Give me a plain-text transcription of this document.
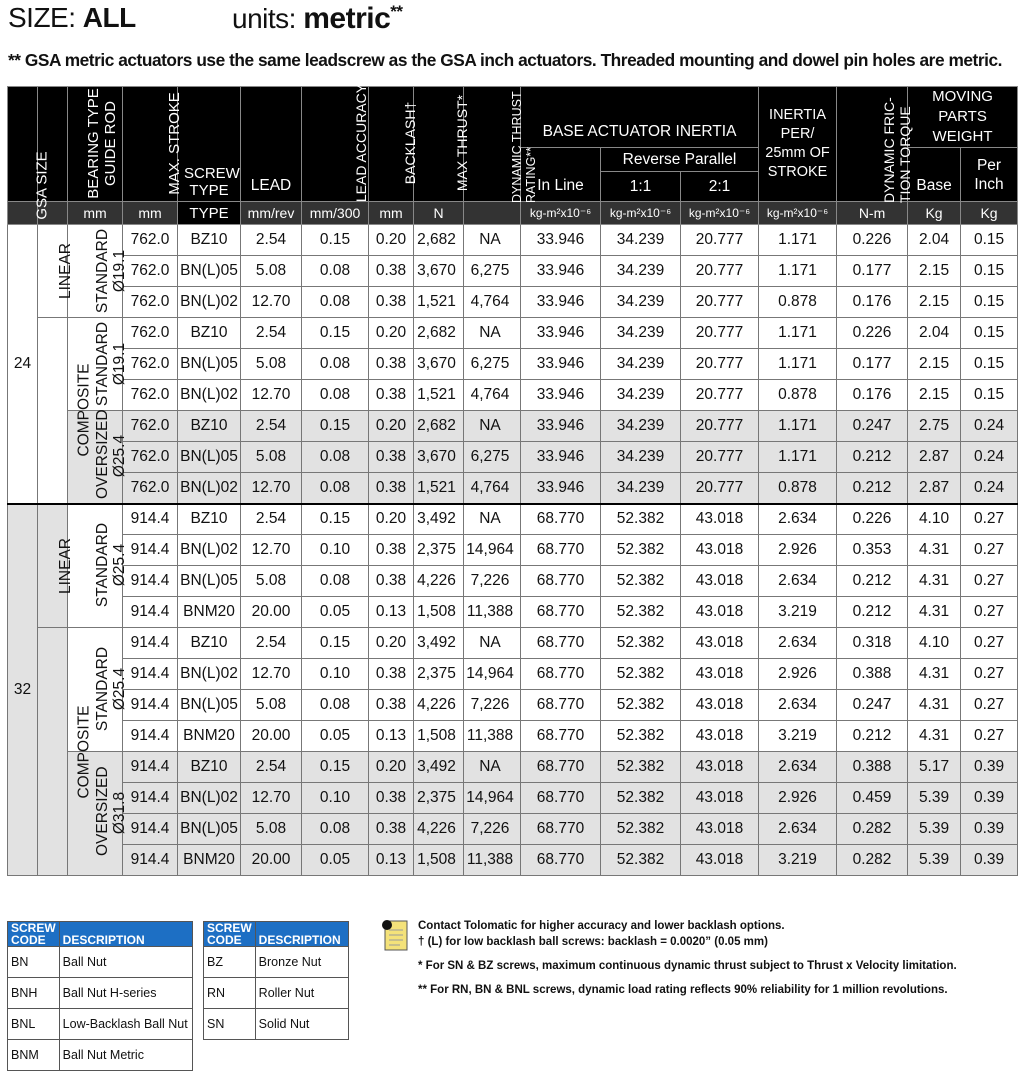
SIZE: ALL	units: metric**
** GSA metric actuators use the same leadscrew as the GSA inch actuators. Threaded mounting and dowel pin holes are metric.
GSA SIZE	BEARING TYPE	GUIDE ROD	MAX. STROKE	SCREW TYPE	LEAD	LEAD ACCURACY	BACKLASH†	MAX THRUST*	DYNAMIC THRUST RATING**	BASE ACTUATOR INERTIA			INERTIA PER/ 25mm OF STROKE	DYNAMIC FRIC-TION TORQUE	MOVING PARTS WEIGHT	
										In Line	Reverse Parallel				Base	Per Inch
											1:1	2:1				
		mm	mm	TYPE	mm/rev	mm/300	mm	N		kg-m²x10⁻⁶	kg-m²x10⁻⁶	kg-m²x10⁻⁶	kg-m²x10⁻⁶	N-m	Kg	Kg
24	LINEAR	STANDARD Ø19.1	762.0	BZ10	2.54	0.15	0.20	2,682	NA	33.946	34.239	20.777	1.171	0.226	2.04	0.15
			762.0	BN(L)05	5.08	0.08	0.38	3,670	6,275	33.946	34.239	20.777	1.171	0.177	2.15	0.15
			762.0	BN(L)02	12.70	0.08	0.38	1,521	4,764	33.946	34.239	20.777	0.878	0.176	2.15	0.15
	COMPOSITE	STANDARD Ø19.1	762.0	BZ10	2.54	0.15	0.20	2,682	NA	33.946	34.239	20.777	1.171	0.226	2.04	0.15
			762.0	BN(L)05	5.08	0.08	0.38	3,670	6,275	33.946	34.239	20.777	1.171	0.177	2.15	0.15
			762.0	BN(L)02	12.70	0.08	0.38	1,521	4,764	33.946	34.239	20.777	0.878	0.176	2.15	0.15
		OVERSIZED Ø25.4	762.0	BZ10	2.54	0.15	0.20	2,682	NA	33.946	34.239	20.777	1.171	0.247	2.75	0.24
			762.0	BN(L)05	5.08	0.08	0.38	3,670	6,275	33.946	34.239	20.777	1.171	0.212	2.87	0.24
			762.0	BN(L)02	12.70	0.08	0.38	1,521	4,764	33.946	34.239	20.777	0.878	0.212	2.87	0.24
32	LINEAR	STANDARD Ø25.4	914.4	BZ10	2.54	0.15	0.20	3,492	NA	68.770	52.382	43.018	2.634	0.226	4.10	0.27
			914.4	BN(L)02	12.70	0.10	0.38	2,375	14,964	68.770	52.382	43.018	2.926	0.353	4.31	0.27
			914.4	BN(L)05	5.08	0.08	0.38	4,226	7,226	68.770	52.382	43.018	2.634	0.212	4.31	0.27
			914.4	BNM20	20.00	0.05	0.13	1,508	11,388	68.770	52.382	43.018	3.219	0.212	4.31	0.27
	COMPOSITE	STANDARD Ø25.4	914.4	BZ10	2.54	0.15	0.20	3,492	NA	68.770	52.382	43.018	2.634	0.318	4.10	0.27
			914.4	BN(L)02	12.70	0.10	0.38	2,375	14,964	68.770	52.382	43.018	2.926	0.388	4.31	0.27
			914.4	BN(L)05	5.08	0.08	0.38	4,226	7,226	68.770	52.382	43.018	2.634	0.247	4.31	0.27
			914.4	BNM20	20.00	0.05	0.13	1,508	11,388	68.770	52.382	43.018	3.219	0.212	4.31	0.27
		OVERSIZED Ø31.8	914.4	BZ10	2.54	0.15	0.20	3,492	NA	68.770	52.382	43.018	2.634	0.388	5.17	0.39
			914.4	BN(L)02	12.70	0.10	0.38	2,375	14,964	68.770	52.382	43.018	2.926	0.459	5.39	0.39
			914.4	BN(L)05	5.08	0.08	0.38	4,226	7,226	68.770	52.382	43.018	2.634	0.282	5.39	0.39
			914.4	BNM20	20.00	0.05	0.13	1,508	11,388	68.770	52.382	43.018	3.219	0.282	5.39	0.39
SCREW CODE	DESCRIPTION
BN	Ball Nut
BNH	Ball Nut H-series
BNL	Low-Backlash Ball Nut
BNM	Ball Nut Metric
SCREW CODE	DESCRIPTION
BZ	Bronze Nut
RN	Roller Nut
SN	Solid Nut
Contact Tolomatic for higher accuracy and lower backlash options.
† (L) for low backlash ball screws: backlash = 0.0020” (0.05 mm)
* For SN & BZ screws, maximum continuous dynamic thrust subject to Thrust x Velocity limitation.
** For RN, BN & BNL screws, dynamic load rating reflects 90% reliability for 1 million revolutions.
